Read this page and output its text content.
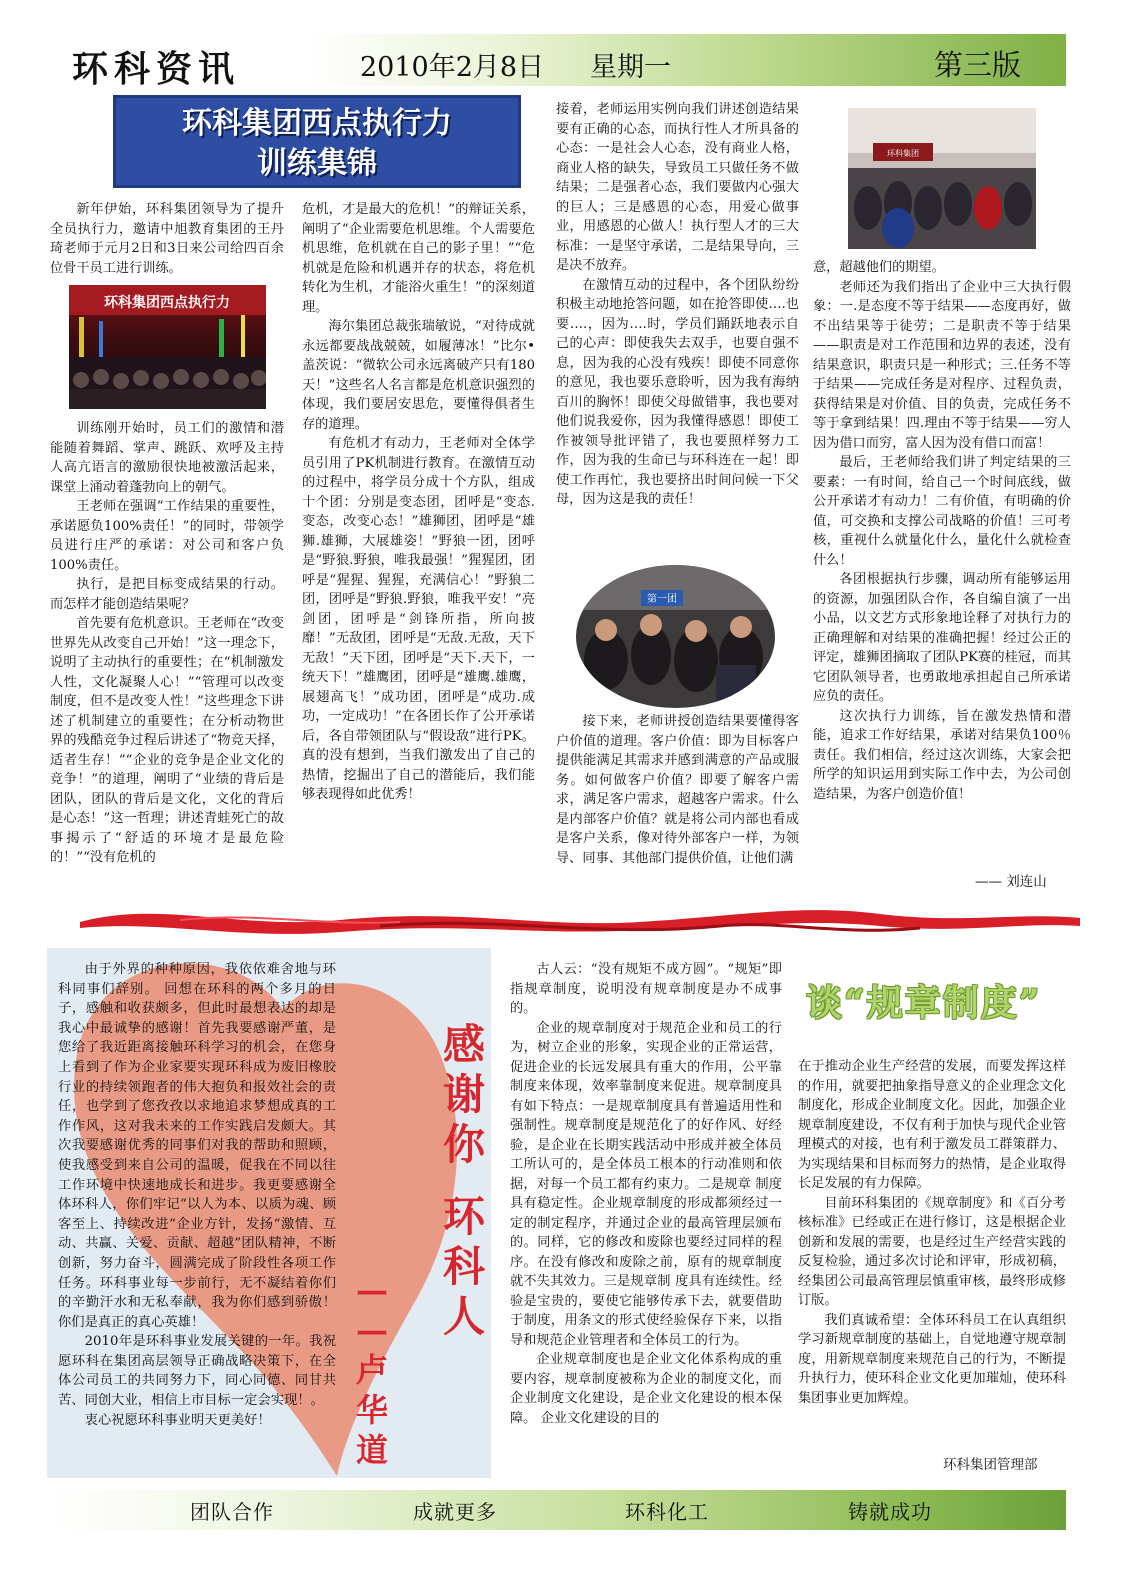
环科资讯	2010年2月8日 星期一	第三版
环科集团西点执行力
训练集锦

新年伊始，环科集团领导为了提升全员执行力，邀请中旭教育集团的王丹琦老师于元月2日和3日来公司给四百余位骨干员工进行训练。

环科集团西点执行力

训练刚开始时，员工们的激情和潜能随着舞蹈、掌声、跳跃、欢呼及主持人高亢语言的激励很快地被激活起来，课堂上涌动着蓬勃向上的朝气。

王老师在强调“工作结果的重要性，承诺愿负100%责任！”的同时，带领学员进行庄严的承诺：对公司和客户负100%责任。

执行，是把目标变成结果的行动。而怎样才能创造结果呢？

首先要有危机意识。王老师在“改变世界先从改变自己开始！”这一理念下，说明了主动执行的重要性；在“机制激发人性，文化凝聚人心！”“管理可以改变制度，但不是改变人性！”这些理念下讲述了机制建立的重要性；在分析动物世界的残酷竞争过程后讲述了“物竞天择，适者生存！”“企业的竞争是企业文化的竞争！”的道理，阐明了“业绩的背后是团队，团队的背后是文化，文化的背后是心态！”这一哲理；讲述青蛙死亡的故事揭示了“舒适的环境才是最危险的！”“没有危机的

危机，才是最大的危机！”的辩证关系，阐明了“企业需要危机思维。个人需要危机思维，危机就在自己的影子里！”“危机就是危险和机遇并存的状态，将危机转化为生机，才能浴火重生！”的深刻道理。

海尔集团总裁张瑞敏说，“对待成就永远都要战战兢兢，如履薄冰！”比尔•盖茨说：“微软公司永远离破产只有180天！”这些名人名言都是危机意识强烈的体现，我们要居安思危，要懂得俱者生存的道理。

有危机才有动力，王老师对全体学员引用了PK机制进行教育。在激情互动的过程中，将学员分成十个方队，组成十个团：分别是变态团，团呼是“变态.变态，改变心态！”雄狮团，团呼是“雄狮.雄狮，大展雄姿！”野狼一团，团呼是“野狼.野狼，唯我最强！”猩猩团，团呼是“猩猩、猩猩，充满信心！”野狼二团，团呼是“野狼.野狼，唯我平安！”亮剑团，团呼是“剑锋所指，所向披靡！”无敌团，团呼是“无敌.无敌，天下无敌！”天下团，团呼是“天下.天下，一统天下！”雄鹰团，团呼是“雄鹰.雄鹰，展翅高飞！”成功团，团呼是“成功.成功，一定成功！”在各团长作了公开承诺后，各自带领团队与“假设敌”进行PK。真的没有想到，当我们激发出了自己的热情，挖掘出了自己的潜能后，我们能够表现得如此优秀！

接着，老师运用实例向我们讲述创造结果要有正确的心态，而执行性人才所具备的心态：一是社会人心态，没有商业人格，商业人格的缺失，导致员工只做任务不做结果；二是强者心态，我们要做内心强大的巨人；三是感恩的心态，用爱心做事业，用感恩的心做人！执行型人才的三大标准：一是坚守承诺，二是结果导向，三是决不放弃。

在激情互动的过程中，各个团队纷纷积极主动地抢答问题，如在抢答即使….也要….，因为….时，学员们踊跃地表示自己的心声：即使我失去双手，也要自强不息，因为我的心没有残疾！即使不同意你的意见，我也要乐意聆听，因为我有海纳百川的胸怀！即使父母做错事，我也要对他们说我爱你，因为我懂得感恩！即使工作被领导批评错了，我也要照样努力工作，因为我的生命已与环科连在一起！即使工作再忙，我也要挤出时间问候一下父母，因为这是我的责任！

第一团

接下来，老师讲授创造结果要懂得客户价值的道理。客户价值：即为目标客户提供能满足其需求并感到满意的产品或服务。如何做客户价值？即要了解客户需求，满足客户需求，超越客户需求。什么是内部客户价值？就是将公司内部也看成是客户关系，像对待外部客户一样，为领导、同事、其他部门提供价值，让他们满

环科集团

意，超越他们的期望。

老师还为我们指出了企业中三大执行假象：一.是态度不等于结果——态度再好，做不出结果等于徒劳；二是职责不等于结果——职责是对工作范围和边界的表述，没有结果意识，职责只是一种形式；三.任务不等于结果——完成任务是对程序、过程负责，获得结果是对价值、目的负责，完成任务不等于拿到结果！四.理由不等于结果——穷人因为借口而穷，富人因为没有借口而富！

最后，王老师给我们讲了判定结果的三要素：一有时间，给自己一个时间底线，做公开承诺才有动力！二有价值，有明确的价值，可交换和支撑公司战略的价值！三可考核，重视什么就量化什么，量化什么就检查什么！

各团根据执行步骤，调动所有能够运用的资源，加强团队合作，各自编自演了一出小品，以文艺方式形象地诠释了对执行力的正确理解和对结果的准确把握！经过公正的评定，雄狮团摘取了团队PK赛的桂冠，而其它团队领导者，也勇敢地承担起自己所承诺应负的责任。

这次执行力训练，旨在激发热情和潜能，追求工作好结果，承诺对结果负100％责任。我们相信，经过这次训练，大家会把所学的知识运用到实际工作中去，为公司创造结果，为客户创造价值！

—— 刘连山

由于外界的种种原因，我依依难舍地与环科同事们辞别。 回想在环科的两个多月的日子，感触和收获颇多，但此时最想表达的却是我心中最诚挚的感谢！首先我要感谢严董，是您给了我近距离接触环科学习的机会，在您身上看到了作为企业家要实现环科成为废旧橡胶行业的持续领跑者的伟大抱负和报效社会的责任，也学到了您孜孜以求地追求梦想成真的工作作风，这对我未来的工作实践启发颇大。其次我要感谢优秀的同事们对我的帮助和照顾，使我感受到来自公司的温暖，促我在不同以往工作环境中快速地成长和进步。我更要感谢全体环科人，你们牢记“以人为本、以质为魂、顾客至上、持续改进”企业方针，发扬“激情、互动、共赢、关爱、贡献、超越”团队精神，不断创新，努力奋斗，圆满完成了阶段性各项工作任务。环科事业每一步前行，无不凝结着你们的辛勤汗水和无私奉献，我为你们感到骄傲！你们是真正的真心英雄！

2010年是环科事业发展关键的一年。我祝愿环科在集团高层领导正确战略决策下，在全体公司员工的共同努力下，同心同德、同甘共苦、同创大业，相信上市目标一定会实现！。

衷心祝愿环科事业明天更美好！

感
谢
你
环
科
人
—
—
卢
华
道
谈“规章制度”

古人云：“没有规矩不成方圆”。“规矩”即指规章制度，说明没有规章制度是办不成事的。

企业的规章制度对于规范企业和员工的行为，树立企业的形象，实现企业的正常运营，促进企业的长远发展具有重大的作用，公平靠制度来体现，效率靠制度来促进。规章制度具有如下特点：一是规章制度具有普遍适用性和强制性。规章制度是规范化了的好作风、好经验，是企业在长期实践活动中形成并被全体员工所认可的，是全体员工根本的行动准则和依据，对每一个员工都有约束力。二是规章 制度具有稳定性。企业规章制度的形成都须经过一定的制定程序，并通过企业的最高管理层颁布的。同样，它的修改和废除也要经过同样的程序。在没有修改和废除之前，原有的规章制度就不失其效力。三是规章制 度具有连续性。经验是宝贵的，要使它能够传承下去，就要借助于制度，用条文的形式使经验保存下来，以指导和规范企业管理者和全体员工的行为。

企业规章制度也是企业文化体系构成的重要内容，规章制度被称为企业的制度文化，而企业制度文化建设，是企业文化建设的根本保障。 企业文化建设的目的

在于推动企业生产经营的发展，而要发挥这样的作用，就要把抽象指导意义的企业理念文化制度化，形成企业制度文化。因此，加强企业规章制度建设，不仅有利于加快与现代企业管理模式的对接，也有利于激发员工群策群力、为实现结果和目标而努力的热情，是企业取得长足发展的有力保障。

目前环科集团的《规章制度》和《百分考核标准》已经或正在进行修订，这是根据企业创新和发展的需要，也是经过生产经营实践的反复检验，通过多次讨论和评审，形成初稿，经集团公司最高管理层慎重审核，最终形成修订版。

我们真诚希望：全体环科员工在认真组织学习新规章制度的基础上，自觉地遵守规章制度，用新规章制度来规范自己的行为，不断提升执行力，使环科企业文化更加璀灿，使环科集团事业更加辉煌。

环科集团管理部
团队合作	成就更多	环科化工	铸就成功
